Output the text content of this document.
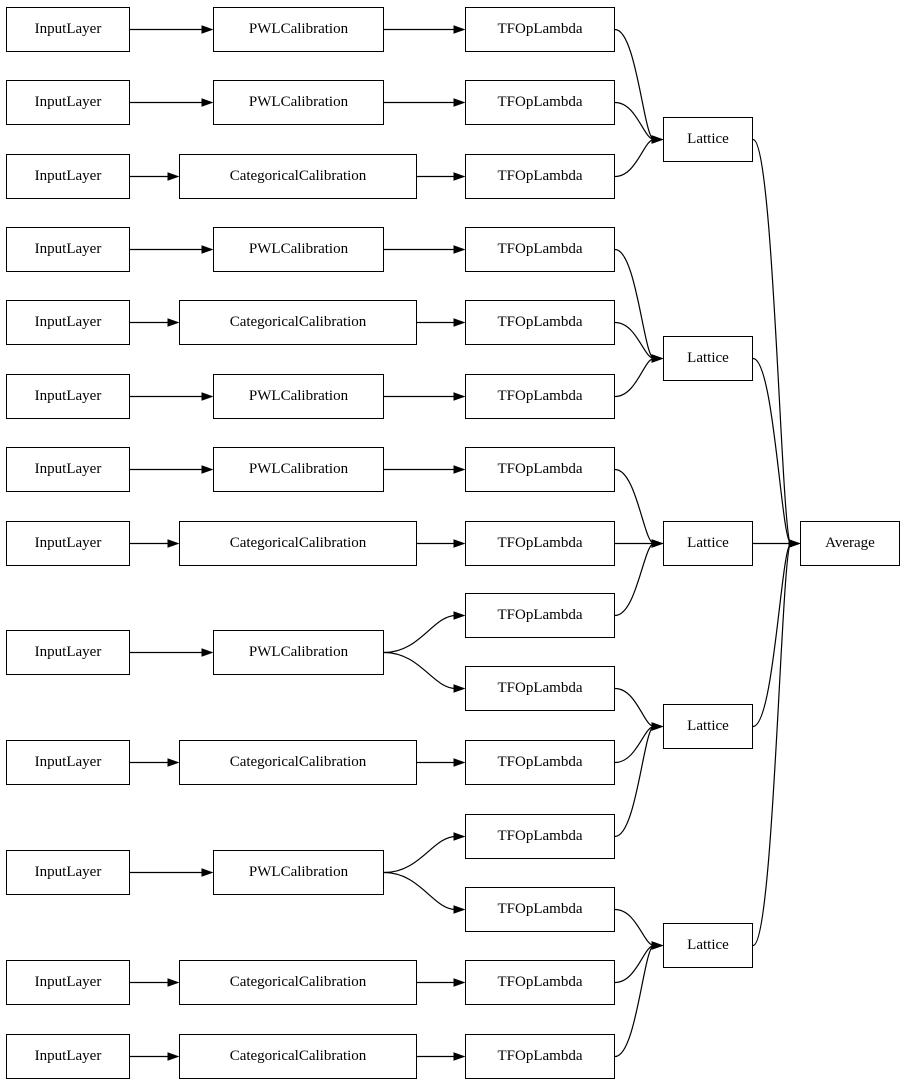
InputLayer
InputLayer
InputLayer
InputLayer
InputLayer
InputLayer
InputLayer
InputLayer
InputLayer
InputLayer
InputLayer
InputLayer
InputLayer
PWLCalibration
PWLCalibration
CategoricalCalibration
PWLCalibration
CategoricalCalibration
PWLCalibration
PWLCalibration
CategoricalCalibration
PWLCalibration
CategoricalCalibration
PWLCalibration
CategoricalCalibration
CategoricalCalibration
TFOpLambda
TFOpLambda
TFOpLambda
TFOpLambda
TFOpLambda
TFOpLambda
TFOpLambda
TFOpLambda
TFOpLambda
TFOpLambda
TFOpLambda
TFOpLambda
TFOpLambda
TFOpLambda
TFOpLambda
Lattice
Lattice
Lattice
Lattice
Lattice
Average
